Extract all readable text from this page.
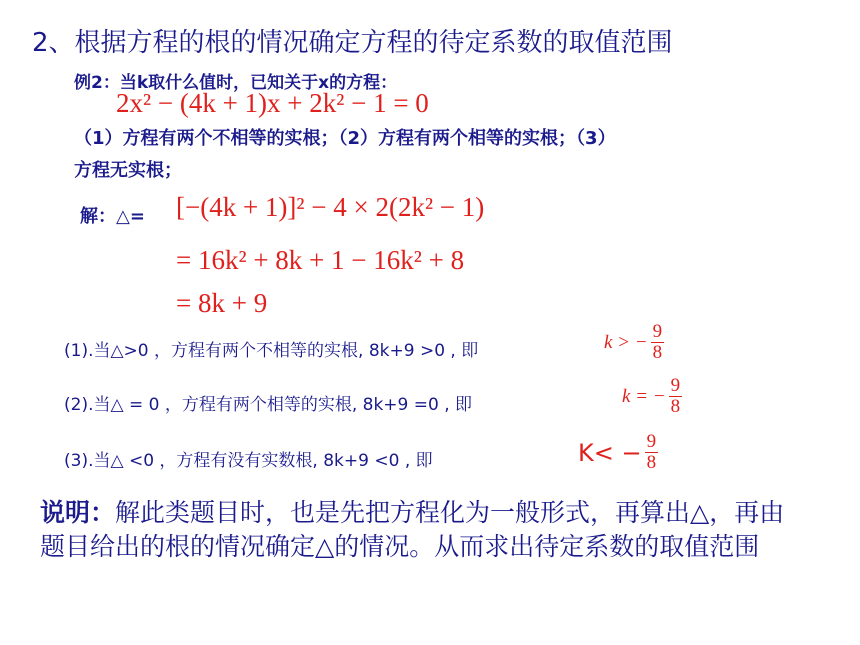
2、根据方程的根的情况确定方程的待定系数的取值范围
例2：当k取什么值时，已知关于x的方程：
2x² − (4k + 1)x + 2k² − 1 = 0
（1）方程有两个不相等的实根；（2）方程有两个相等的实根；（3）
方程无实根；
解：△= [−(4k + 1)]² − 4 × 2(2k² − 1)
= 16k² + 8k + 1 − 16k² + 8
= 8k + 9
(1).当△>0 ，方程有两个不相等的实根, 8k+9 >0 , 即	k > − $\frac{9}{8}$
(2).当△ = 0 ，方程有两个相等的实根, 8k+9 =0 , 即	k = − $\frac{9}{8}$
(3).当△ <0 ，方程有没有实数根, 8k+9 <0 , 即	$K< - \frac{9}{8}$
说明：解此类题目时，也是先把方程化为一般形式，再算出△，再由题目给出的根的情况确定△的情况。从而求出待定系数的取值范围
